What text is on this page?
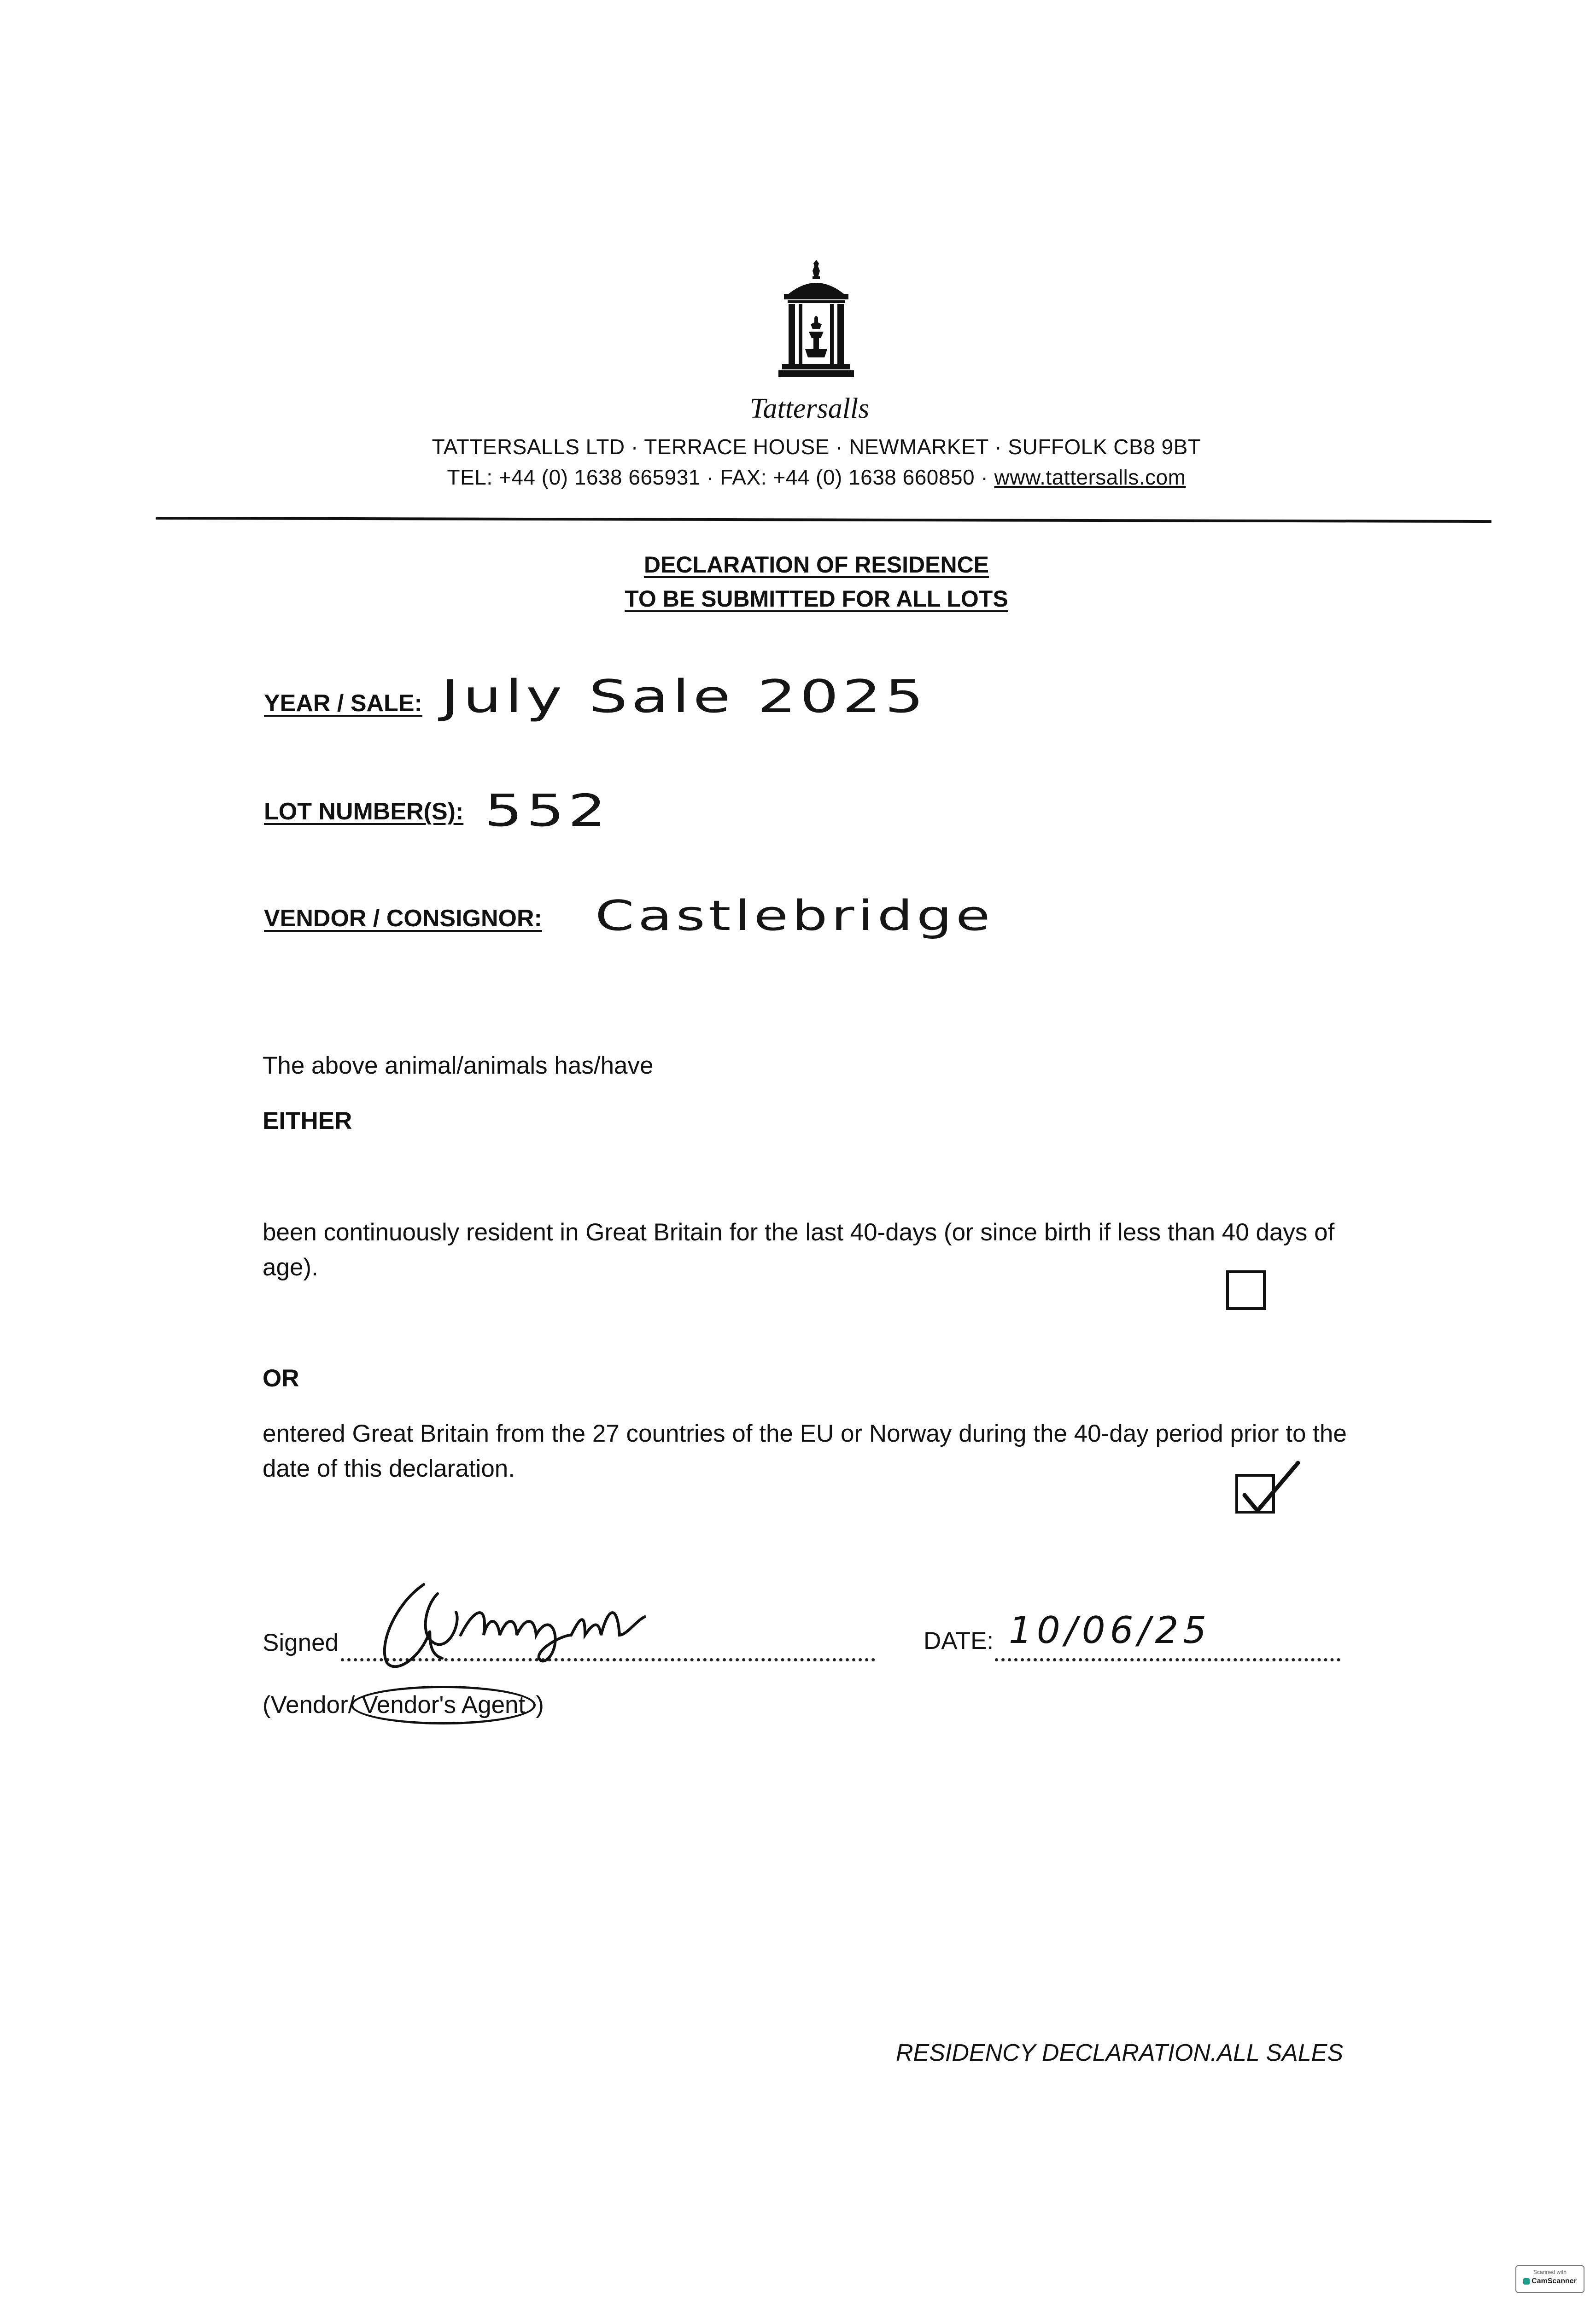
Tattersalls
TATTERSALLS LTD · TERRACE HOUSE · NEWMARKET · SUFFOLK CB8 9BT
TEL: +44 (0) 1638 665931 · FAX: +44 (0) 1638 660850 · www.tattersalls.com
DECLARATION OF RESIDENCE
TO BE SUBMITTED FOR ALL LOTS
YEAR / SALE: July Sale 2025
LOT NUMBER(S): 552
VENDOR / CONSIGNOR: Castlebridge
The above animal/animals has/have
EITHER
been continuously resident in Great Britain for the last 40-days (or since birth if less than 40 days of age).
OR
entered Great Britain from the 27 countries of the EU or Norway during the 40-day period prior to the date of this declaration.
Signed	DATE: 10/06/25
(Vendor/ Vendor's Agent )
RESIDENCY DECLARATION.ALL SALES
Scanned with
CamScanner
